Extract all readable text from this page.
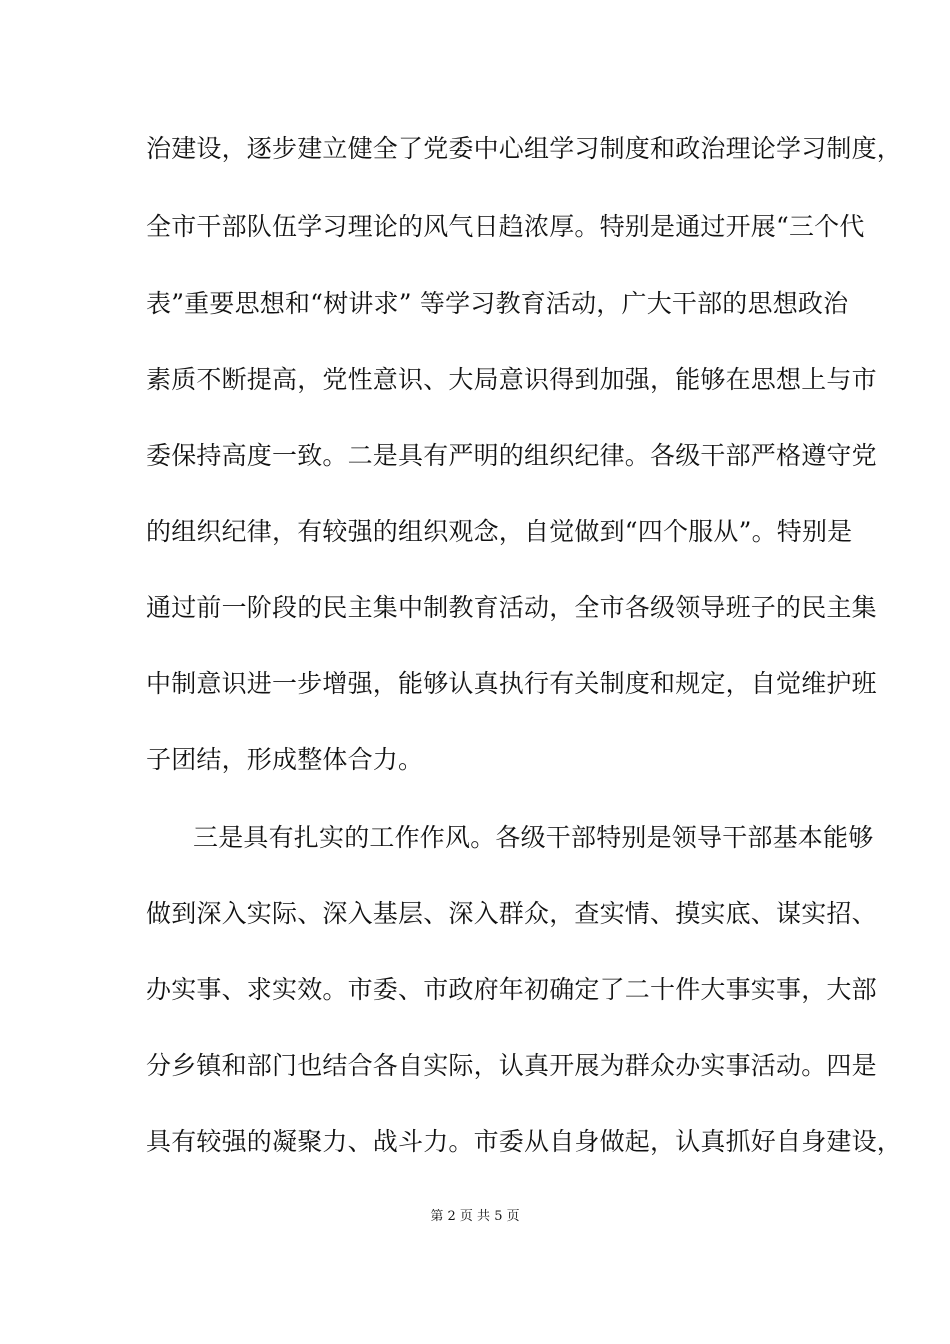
治建设，逐步建立健全了党委中心组学习制度和政治理论学习制度，
全市干部队伍学习理论的风气日趋浓厚。特别是通过开展“三个代
表”重要思想和“树讲求” 等学习教育活动，广大干部的思想政治
素质不断提高，党性意识、大局意识得到加强，能够在思想上与市
委保持高度一致。二是具有严明的组织纪律。各级干部严格遵守党
的组织纪律，有较强的组织观念，自觉做到“四个服从”。特别是
通过前一阶段的民主集中制教育活动，全市各级领导班子的民主集
中制意识进一步增强，能够认真执行有关制度和规定，自觉维护班
子团结，形成整体合力。
三是具有扎实的工作作风。各级干部特别是领导干部基本能够
做到深入实际、深入基层、深入群众，查实情、摸实底、谋实招、
办实事、求实效。市委、市政府年初确定了二十件大事实事，大部
分乡镇和部门也结合各自实际，认真开展为群众办实事活动。四是
具有较强的凝聚力、战斗力。市委从自身做起，认真抓好自身建设，
第 2 页 共 5 页
